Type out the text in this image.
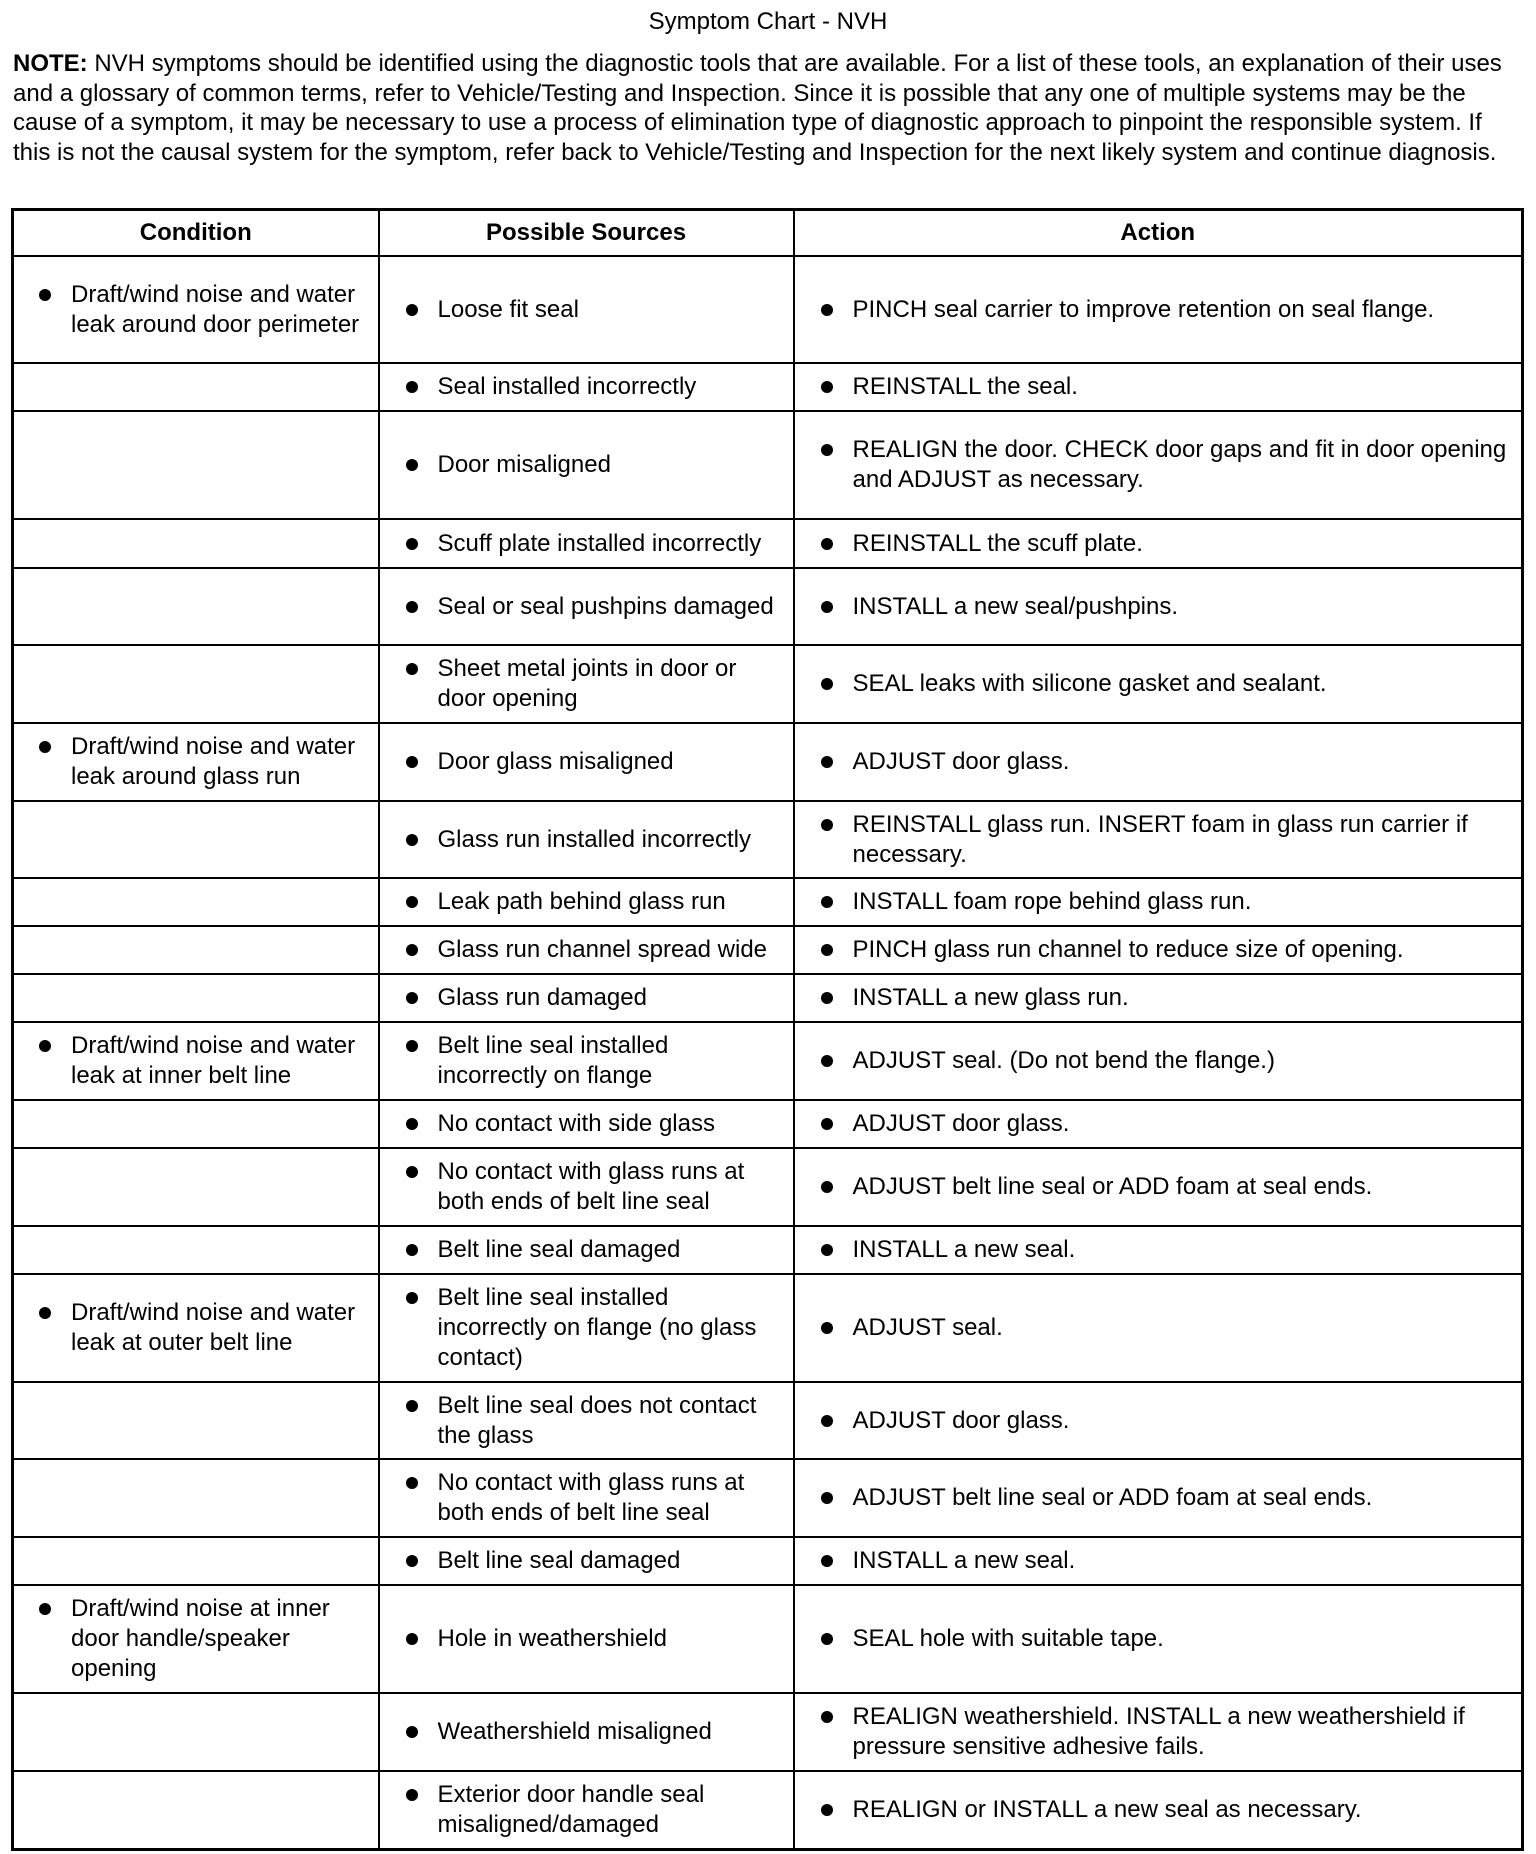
Symptom Chart - NVH
NOTE: NVH symptoms should be identified using the diagnostic tools that are available. For a list of these tools, an explanation of their uses and a glossary of common terms, refer to Vehicle/Testing and Inspection. Since it is possible that any one of multiple systems may be the cause of a symptom, it may be necessary to use a process of elimination type of diagnostic approach to pinpoint the responsible system. If this is not the causal system for the symptom, refer back to Vehicle/Testing and Inspection for the next likely system and continue diagnosis.
Condition	Possible Sources	Action

Draft/wind noise and water leak around door perimeter	Loose fit seal	PINCH seal carrier to improve retention on seal flange.

	Seal installed incorrectly	REINSTALL the seal.

	Door misaligned	REALIGN the door. CHECK door gaps and fit in door opening and ADJUST as necessary.

	Scuff plate installed incorrectly	REINSTALL the scuff plate.

	Seal or seal pushpins damaged	INSTALL a new seal/pushpins.

	Sheet metal joints in door or door opening	SEAL leaks with silicone gasket and sealant.

Draft/wind noise and water leak around glass run	Door glass misaligned	ADJUST door glass.

	Glass run installed incorrectly	REINSTALL glass run. INSERT foam in glass run carrier if necessary.

	Leak path behind glass run	INSTALL foam rope behind glass run.

	Glass run channel spread wide	PINCH glass run channel to reduce size of opening.

	Glass run damaged	INSTALL a new glass run.

Draft/wind noise and water leak at inner belt line	Belt line seal installed incorrectly on flange	ADJUST seal. (Do not bend the flange.)

	No contact with side glass	ADJUST door glass.

	No contact with glass runs at both ends of belt line seal	ADJUST belt line seal or ADD foam at seal ends.

	Belt line seal damaged	INSTALL a new seal.

Draft/wind noise and water leak at outer belt line	Belt line seal installed incorrectly on flange (no glass contact)	ADJUST seal.

	Belt line seal does not contact the glass	ADJUST door glass.

	No contact with glass runs at both ends of belt line seal	ADJUST belt line seal or ADD foam at seal ends.

	Belt line seal damaged	INSTALL a new seal.

Draft/wind noise at inner door handle/speaker opening	Hole in weathershield	SEAL hole with suitable tape.

	Weathershield misaligned	REALIGN weathershield. INSTALL a new weathershield if pressure sensitive adhesive fails.

	Exterior door handle seal misaligned/damaged	REALIGN or INSTALL a new seal as necessary.
